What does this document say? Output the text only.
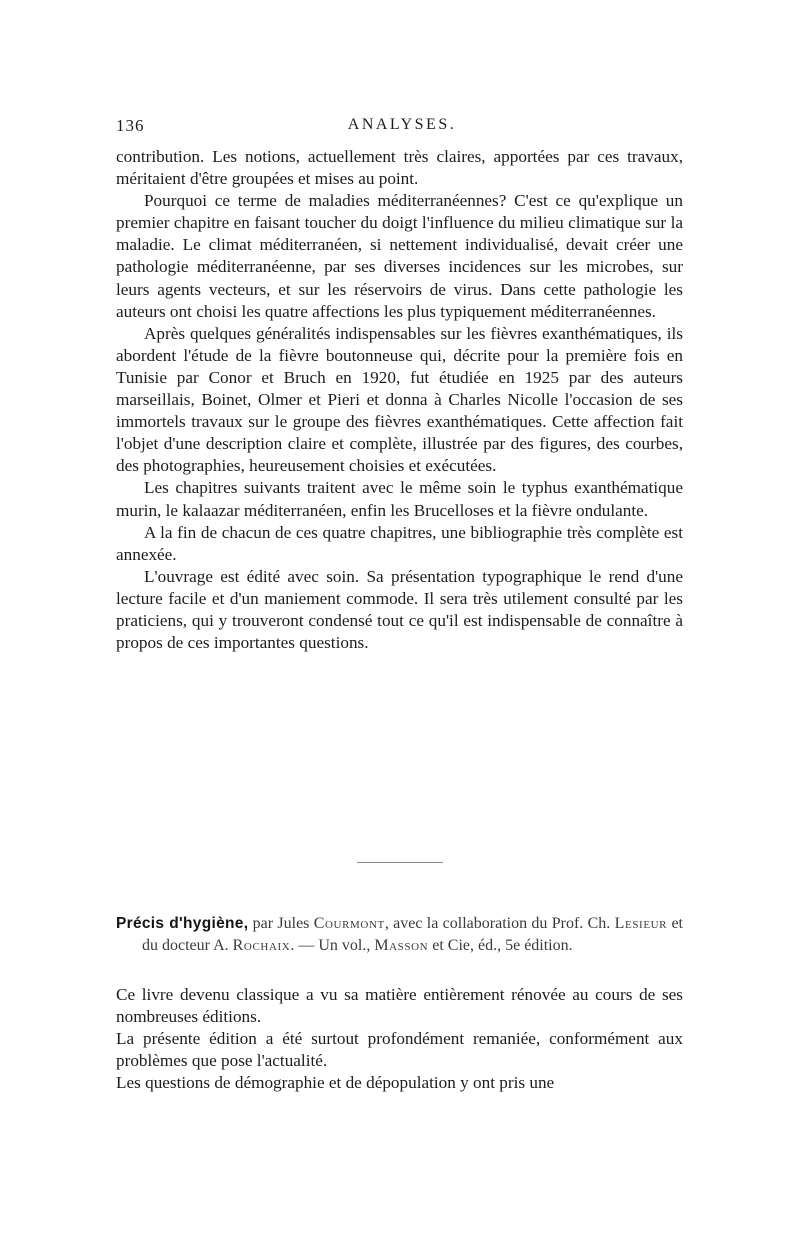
136	ANALYSES.

contribution. Les notions, actuellement très claires, apportées par ces travaux, méritaient d'être groupées et mises au point.

Pourquoi ce terme de maladies méditerranéennes? C'est ce qu'explique un premier chapitre en faisant toucher du doigt l'influence du milieu climatique sur la maladie. Le climat méditerranéen, si nettement individualisé, devait créer une pathologie méditerranéenne, par ses diverses incidences sur les microbes, sur leurs agents vecteurs, et sur les réservoirs de virus. Dans cette pathologie les auteurs ont choisi les quatre affections les plus typiquement méditerranéennes.

Après quelques généralités indispensables sur les fièvres exanthématiques, ils abordent l'étude de la fièvre boutonneuse qui, décrite pour la première fois en Tunisie par Conor et Bruch en 1920, fut étudiée en 1925 par des auteurs marseillais, Boinet, Olmer et Pieri et donna à Charles Nicolle l'occasion de ses immortels travaux sur le groupe des fièvres exanthématiques. Cette affection fait l'objet d'une description claire et complète, illustrée par des figures, des courbes, des photographies, heureusement choisies et exécutées.

Les chapitres suivants traitent avec le même soin le typhus exanthématique murin, le kalaazar méditerranéen, enfin les Brucelloses et la fièvre ondulante.

A la fin de chacun de ces quatre chapitres, une bibliographie très complète est annexée.

L'ouvrage est édité avec soin. Sa présentation typographique le rend d'une lecture facile et d'un maniement commode. Il sera très utilement consulté par les praticiens, qui y trouveront condensé tout ce qu'il est indispensable de connaître à propos de ces importantes questions.

Précis d'hygiène, par Jules Courmont, avec la collaboration du Prof. Ch. Lesieur et du docteur A. Rochaix. — Un vol., Masson et Cie, éd., 5e édition.

Ce livre devenu classique a vu sa matière entièrement rénovée au cours de ses nombreuses éditions.

La présente édition a été surtout profondément remaniée, conformément aux problèmes que pose l'actualité.

Les questions de démographie et de dépopulation y ont pris une
